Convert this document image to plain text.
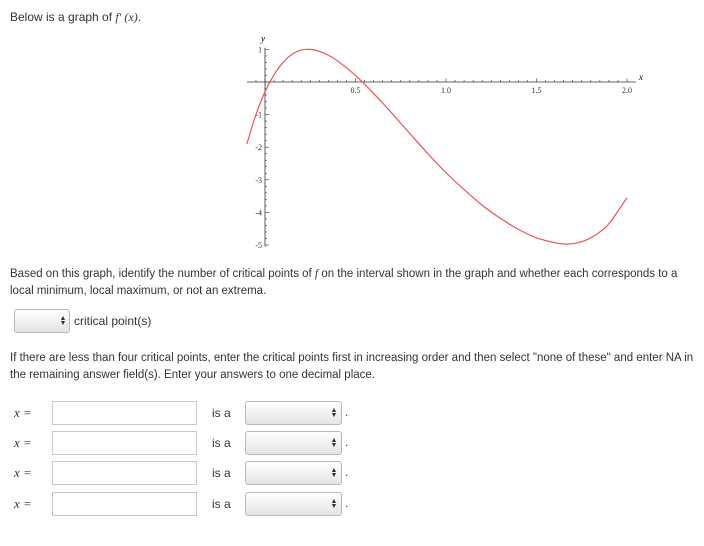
Below is a graph of f′ (x).
y
x
0.5	1.0	1.5	2.0
1
-1
-2
-3
-4
-5
Based on this graph, identify the number of critical points of f on the interval shown in the graph and whether each corresponds to a local minimum, local maximum, or not an extrema.
▲
▼ critical point(s)
If there are less than four critical points, enter the critical points first in increasing order and then select "none of these" and enter NA in the remaining answer field(s). Enter your answers to one decimal place.
x =	is a	▲
▼ .
x =	is a	▲
▼ .
x =	is a	▲
▼ .
x =	is a	▲
▼ .
